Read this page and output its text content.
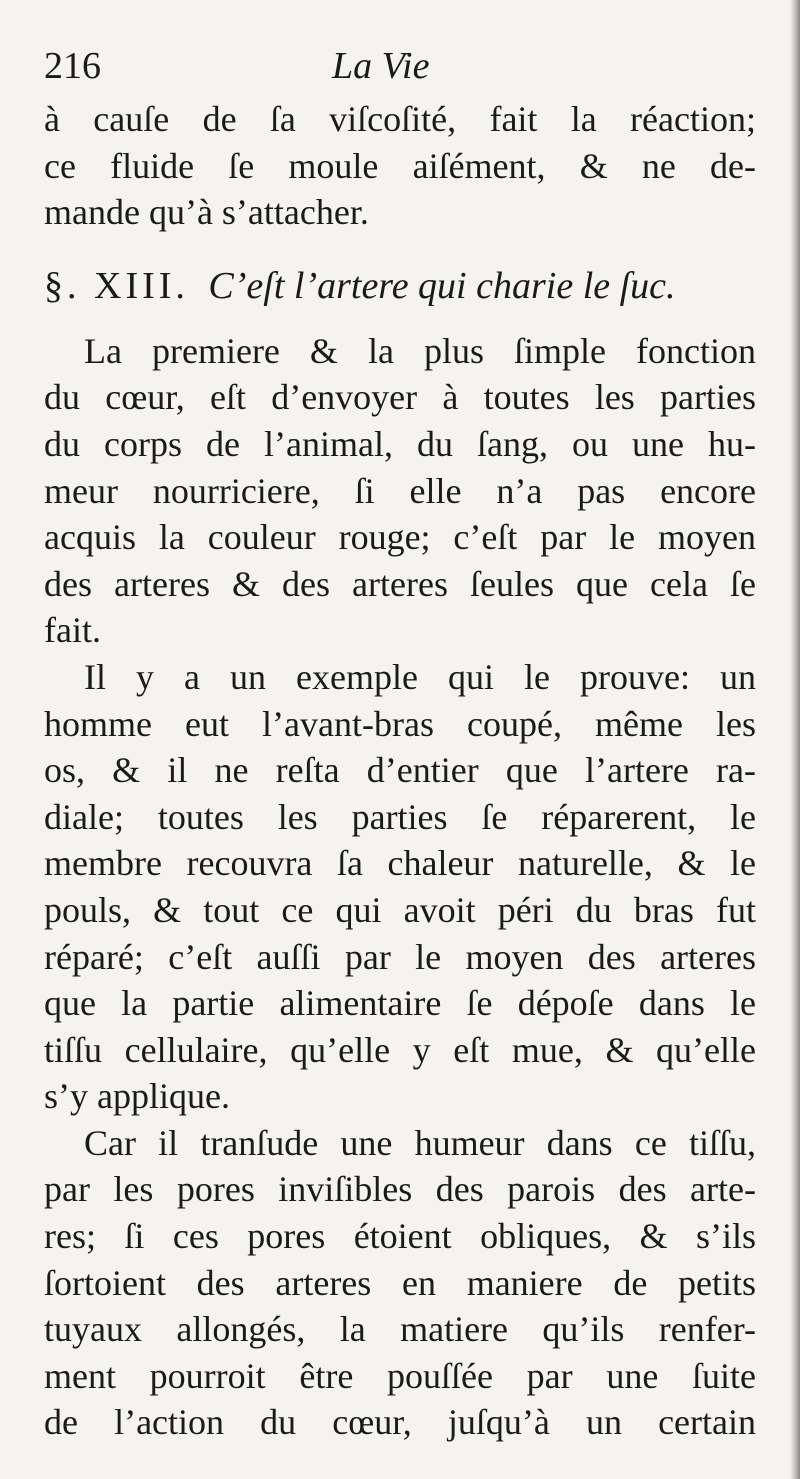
216	La Vie
à cauſe de ſa viſcoſité, fait la réaction;
ce fluide ſe moule aiſément, & ne de-
mande qu’à s’attacher.
§. XIII. C’eſt l’artere qui charie le ſuc.
La premiere & la plus ſimple fonction
du cœur, eſt d’envoyer à toutes les parties
du corps de l’animal, du ſang, ou une hu-
meur nourriciere, ſi elle n’a pas encore
acquis la couleur rouge; c’eſt par le moyen
des arteres & des arteres ſeules que cela ſe
fait.
Il y a un exemple qui le prouve: un
homme eut l’avant-bras coupé, même les
os, & il ne reſta d’entier que l’artere ra-
diale; toutes les parties ſe réparerent, le
membre recouvra ſa chaleur naturelle, & le
pouls, & tout ce qui avoit péri du bras fut
réparé; c’eſt auſſi par le moyen des arteres
que la partie alimentaire ſe dépoſe dans le
tiſſu cellulaire, qu’elle y eſt mue, & qu’elle
s’y applique.
Car il tranſude une humeur dans ce tiſſu,
par les pores inviſibles des parois des arte-
res; ſi ces pores étoient obliques, & s’ils
ſortoient des arteres en maniere de petits
tuyaux allongés, la matiere qu’ils renfer-
ment pourroit être pouſſée par une ſuite
de l’action du cœur, juſqu’à un certain
